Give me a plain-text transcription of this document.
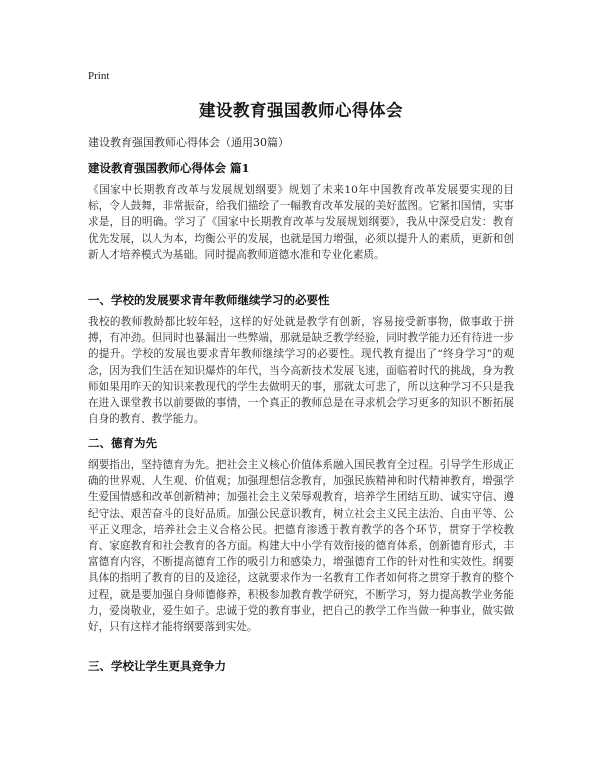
Print
建设教育强国教师心得体会
建设教育强国教师心得体会（通用30篇）
建设教育强国教师心得体会 篇1
《国家中长期教育改革与发展规划纲要》规划了未来10年中国教育改革发展要实现的目标，令人鼓舞，非常振奋，给我们描绘了一幅教育改革发展的美好蓝图。它紧扣国情，实事求是，目的明确。学习了《国家中长期教育改革与发展规划纲要》，我从中深受启发：教育优先发展，以人为本，均衡公平的发展，也就是国力增强，必须以提升人的素质，更新和创新人才培养模式为基础。同时提高教师道德水准和专业化素质。
一、学校的发展要求青年教师继续学习的必要性
我校的教师教龄都比较年轻，这样的好处就是教学有创新，容易接受新事物，做事敢于拼搏，有冲劲。但同时也暴漏出一些弊端，那就是缺乏教学经验，同时教学能力还有待进一步的提升。学校的发展也要求青年教师继续学习的必要性。现代教育提出了“终身学习”的观念，因为我们生活在知识爆炸的年代，当今高新技术发展飞速，面临着时代的挑战，身为教师如果用昨天的知识来教现代的学生去做明天的事，那就太可悲了，所以这种学习不只是我在进入课堂教书以前要做的事情，一个真正的教师总是在寻求机会学习更多的知识不断拓展自身的教育、教学能力。
二、德育为先
纲要指出，坚持德育为先。把社会主义核心价值体系融入国民教育全过程。引导学生形成正确的世界观、人生观、价值观；加强理想信念教育，加强民族精神和时代精神教育，增强学生爱国情感和改革创新精神；加强社会主义荣辱观教育，培养学生团结互助、诚实守信、遵纪守法、艰苦奋斗的良好品质。加强公民意识教育，树立社会主义民主法治、自由平等、公平正义理念，培养社会主义合格公民。把德育渗透于教育教学的各个环节，贯穿于学校教育、家庭教育和社会教育的各方面。构建大中小学有效衔接的德育体系，创新德育形式，丰富德育内容，不断提高德育工作的吸引力和感染力，增强德育工作的针对性和实效性。纲要具体的指明了教育的目的及途径，这就要求作为一名教育工作者如何将之贯穿于教育的整个过程，就是要加强自身师德修养，积极参加教育教学研究，不断学习，努力提高教学业务能力，爱岗敬业，爱生如子。忠诚于党的教育事业，把自己的教学工作当做一种事业，做实做好，只有这样才能将纲要落到实处。
三、学校让学生更具竞争力
